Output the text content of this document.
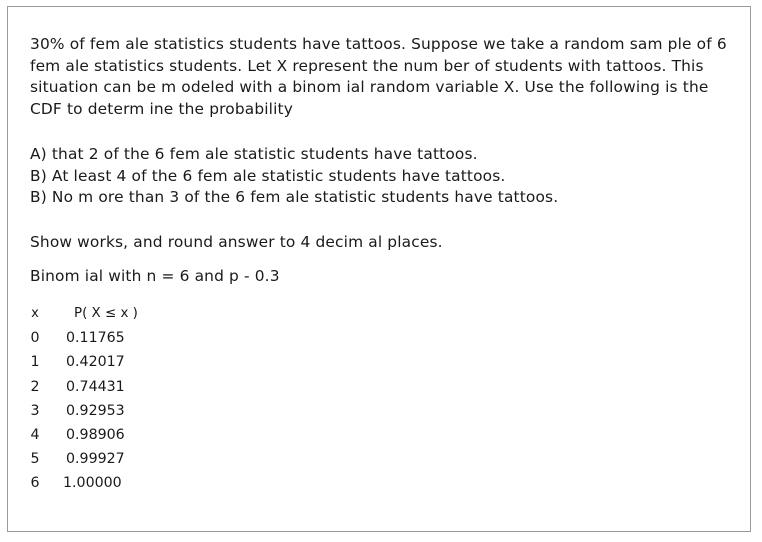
30% of fem ale statistics students have tattoos. Suppose we take a random sam ple of 6
fem ale statistics students. Let X represent the num ber of students with tattoos. This
situation can be m odeled with a binom ial random variable X. Use the following is the
CDF to determ ine the probability
A) that 2 of the 6 fem ale statistic students have tattoos.
B) At least 4 of the 6 fem ale statistic students have tattoos.
B) No m ore than 3 of the 6 fem ale statistic students have tattoos.
Show works, and round answer to 4 decim al places.
Binom ial with n = 6 and p - 0.3
x	P( X ≤ x )
0 0.11765
1 0.42017
2 0.74431
3 0.92953
4 0.98906
5 0.99927
6 1.00000
